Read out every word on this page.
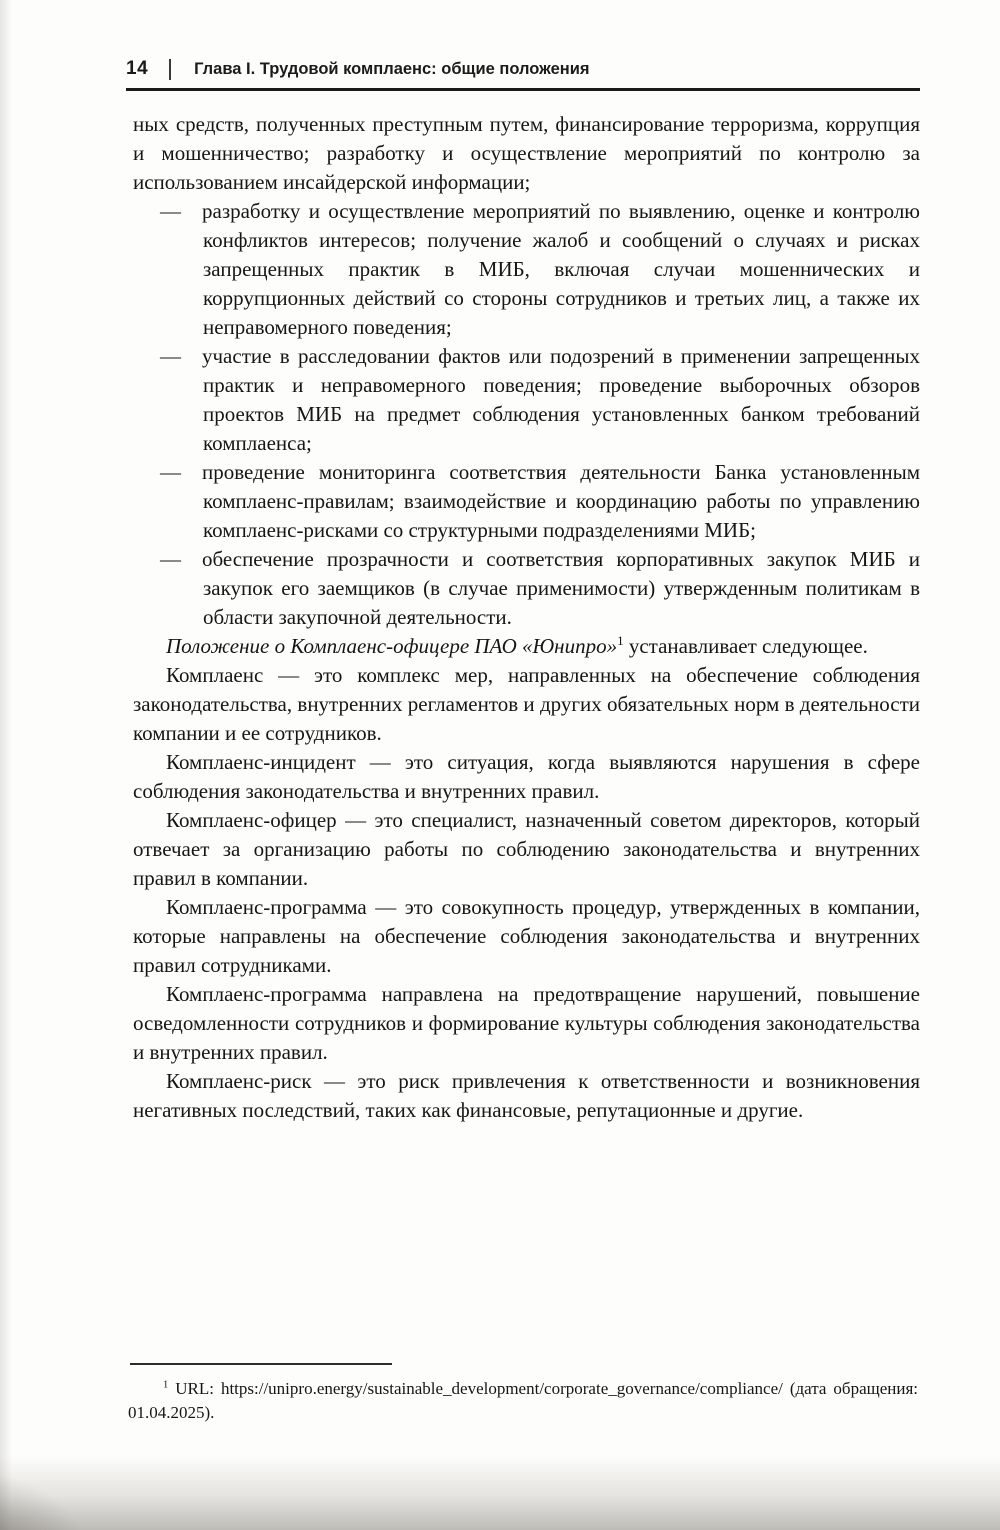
14	Глава I. Трудовой комплаенс: общие положения

ных средств, полученных преступным путем, финансирование терроризма, коррупция и мошенничество; разработку и осуществление мероприятий по контролю за использованием инсайдерской информации;

— разработку и осуществление мероприятий по выявлению, оценке и контролю конфликтов интересов; получение жалоб и сообщений о случаях и рисках запрещенных практик в МИБ, включая случаи мошеннических и коррупционных действий со стороны сотрудников и третьих лиц, а также их неправомерного поведения;
— участие в расследовании фактов или подозрений в применении запрещенных практик и неправомерного поведения; проведение выборочных обзоров проектов МИБ на предмет соблюдения установленных банком требований комплаенса;
— проведение мониторинга соответствия деятельности Банка установленным комплаенс-правилам; взаимодействие и координацию работы по управлению комплаенс-рисками со структурными подразделениями МИБ;
— обеспечение прозрачности и соответствия корпоративных закупок МИБ и закупок его заемщиков (в случае применимости) утвержденным политикам в области закупочной деятельности.

Положение о Комплаенс-офицере ПАО «Юнипро»$^1$ устанавливает следующее.

Комплаенс — это комплекс мер, направленных на обеспечение соблюдения законодательства, внутренних регламентов и других обязательных норм в деятельности компании и ее сотрудников.

Комплаенс-инцидент — это ситуация, когда выявляются нарушения в сфере соблюдения законодательства и внутренних правил.

Комплаенс-офицер — это специалист, назначенный советом директоров, который отвечает за организацию работы по соблюдению законодательства и внутренних правил в компании.

Комплаенс-программа — это совокупность процедур, утвержденных в компании, которые направлены на обеспечение соблюдения законодательства и внутренних правил сотрудниками.

Комплаенс-программа направлена на предотвращение нарушений, повышение осведомленности сотрудников и формирование культуры соблюдения законодательства и внутренних правил.

Комплаенс-риск — это риск привлечения к ответственности и возникновения негативных последствий, таких как финансовые, репутационные и другие.

$^1$ URL: https://unipro.energy/sustainable_development/corporate_governance/compliance/ (дата обращения: 01.04.2025).
